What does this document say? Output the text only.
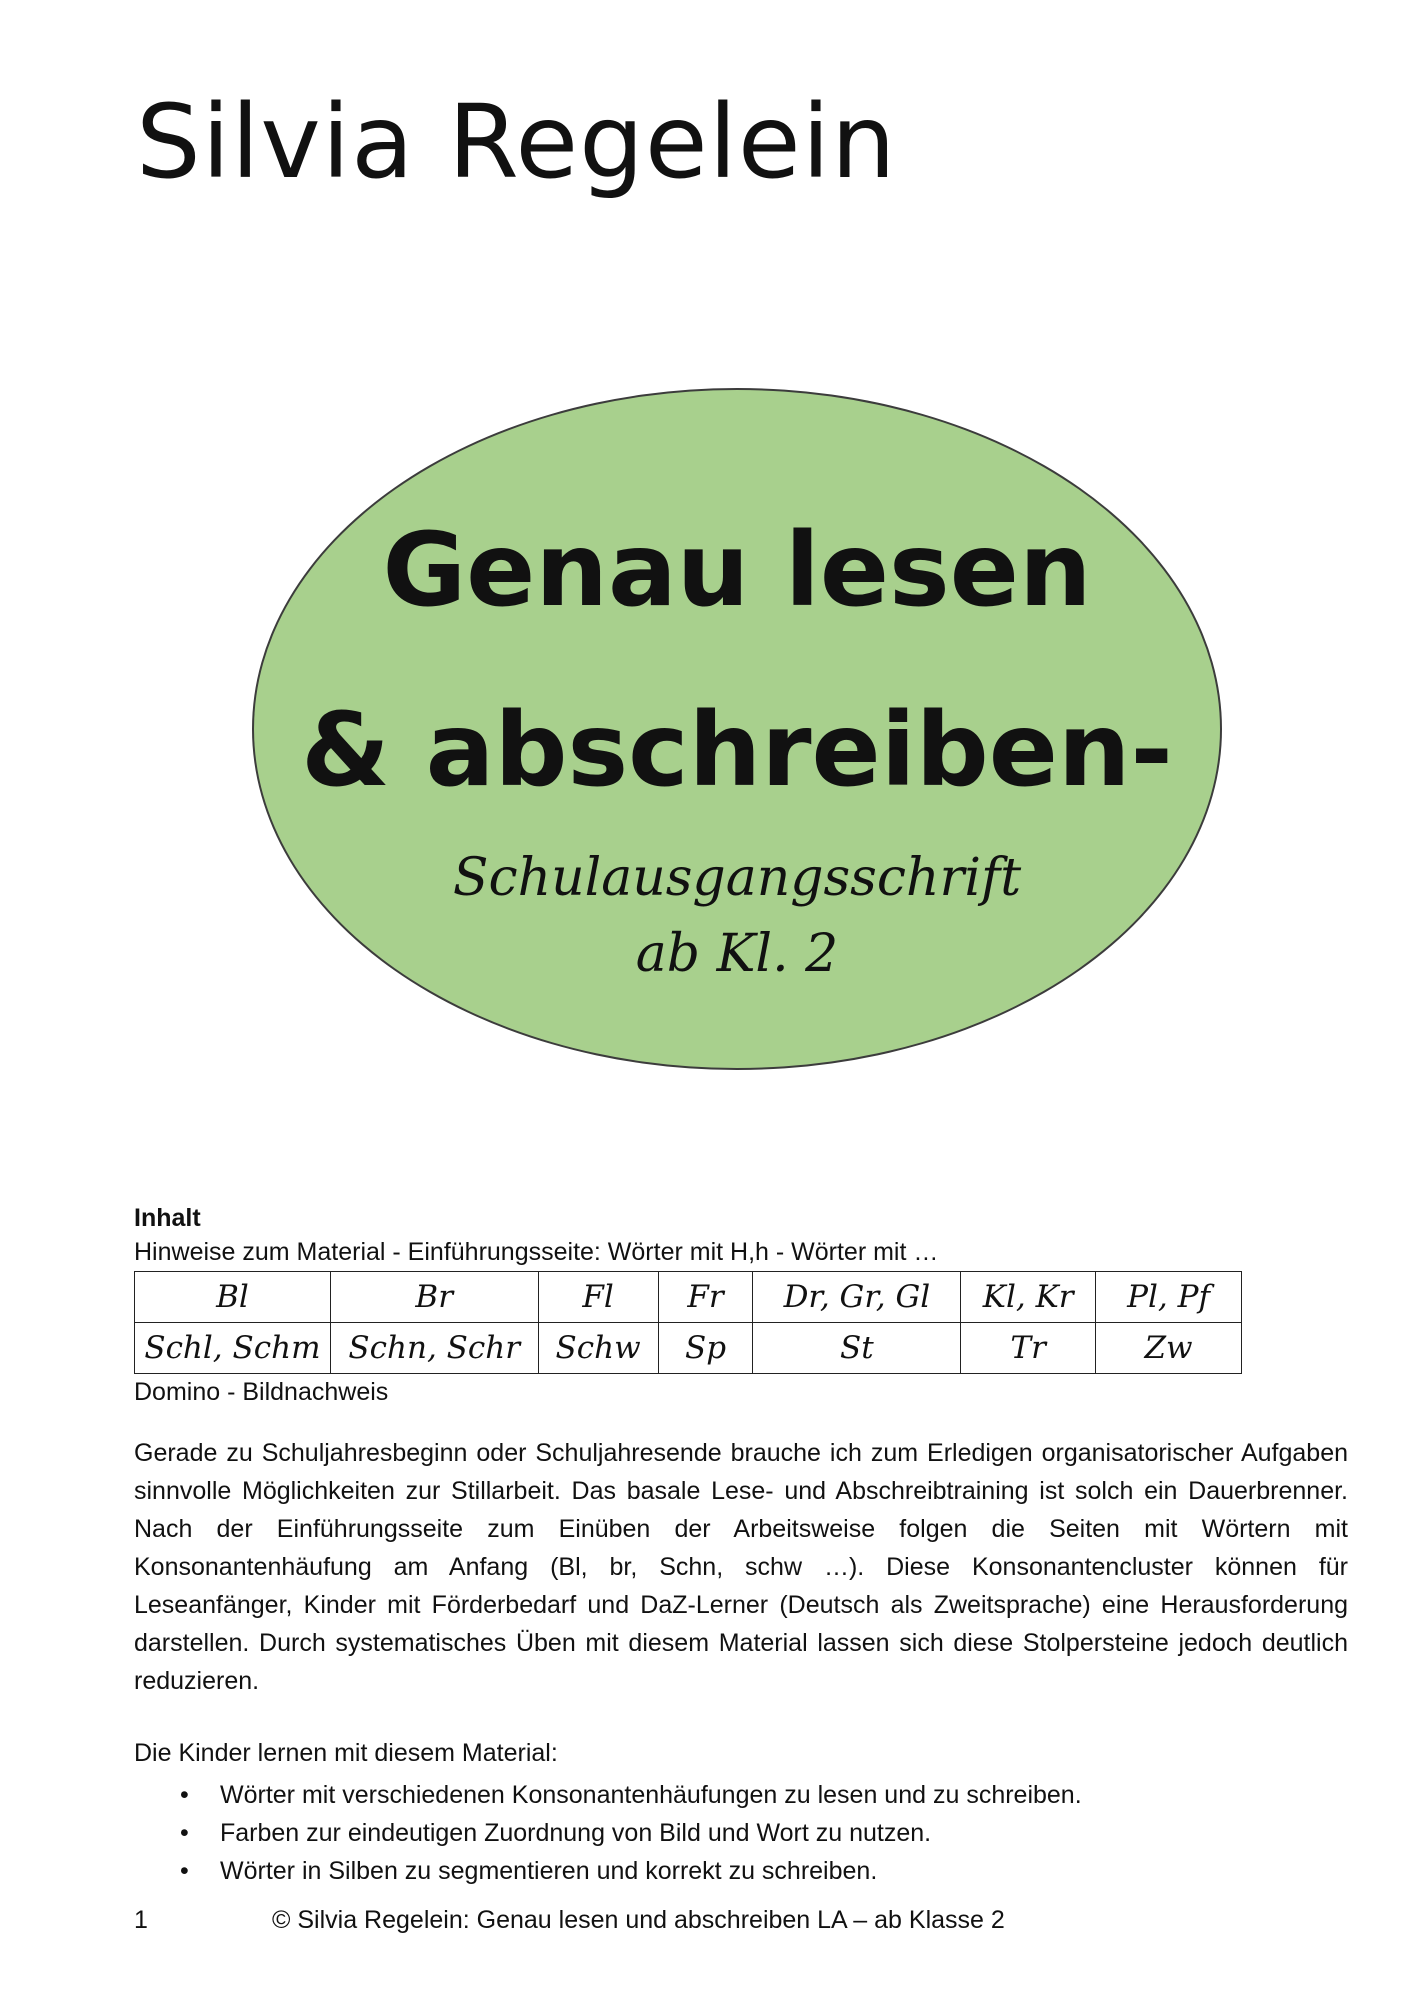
Silvia Regelein
Genau lesen
& abschreiben-
Schulausgangsschrift
ab Kl. 2
Inhalt
Hinweise zum Material - Einführungsseite: Wörter mit H,h - Wörter mit …
Bl	Br	Fl	Fr	Dr, Gr, Gl	Kl, Kr	Pl, Pf
Schl, Schm	Schn, Schr	Schw	Sp	St	Tr	Zw
Domino - Bildnachweis
Gerade zu Schuljahresbeginn oder Schuljahresende brauche ich zum Erledigen organisatorischer Aufgaben sinnvolle Möglichkeiten zur Stillarbeit. Das basale Lese- und Abschreibtraining ist solch ein Dauerbrenner. Nach der Einführungsseite zum Einüben der Arbeitsweise folgen die Seiten mit Wörtern mit Konsonantenhäufung am Anfang (Bl, br, Schn, schw …). Diese Konsonantencluster können für Leseanfänger, Kinder mit Förderbedarf und DaZ-Lerner (Deutsch als Zweitsprache) eine Herausforderung darstellen. Durch systematisches Üben mit diesem Material lassen sich diese Stolpersteine jedoch deutlich reduzieren.
Die Kinder lernen mit diesem Material:
• Wörter mit verschiedenen Konsonantenhäufungen zu lesen und zu schreiben.
• Farben zur eindeutigen Zuordnung von Bild und Wort zu nutzen.
• Wörter in Silben zu segmentieren und korrekt zu schreiben.
1	© Silvia Regelein: Genau lesen und abschreiben LA – ab Klasse 2
